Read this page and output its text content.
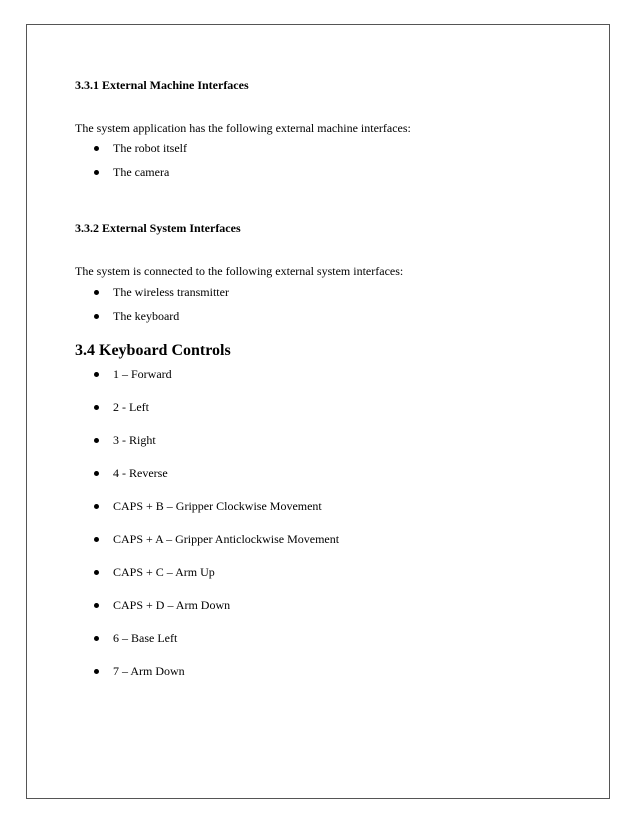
3.3.1 External Machine Interfaces

The system application has the following external machine interfaces:

The robot itself
The camera
3.3.2 External System Interfaces

The system is connected to the following external system interfaces:

The wireless transmitter
The keyboard
3.4 Keyboard Controls
1 – Forward
2 - Left
3 - Right
4 - Reverse
CAPS + B – Gripper Clockwise Movement
CAPS + A – Gripper Anticlockwise Movement
CAPS + C – Arm Up
CAPS + D – Arm Down
6 – Base Left
7 – Arm Down
